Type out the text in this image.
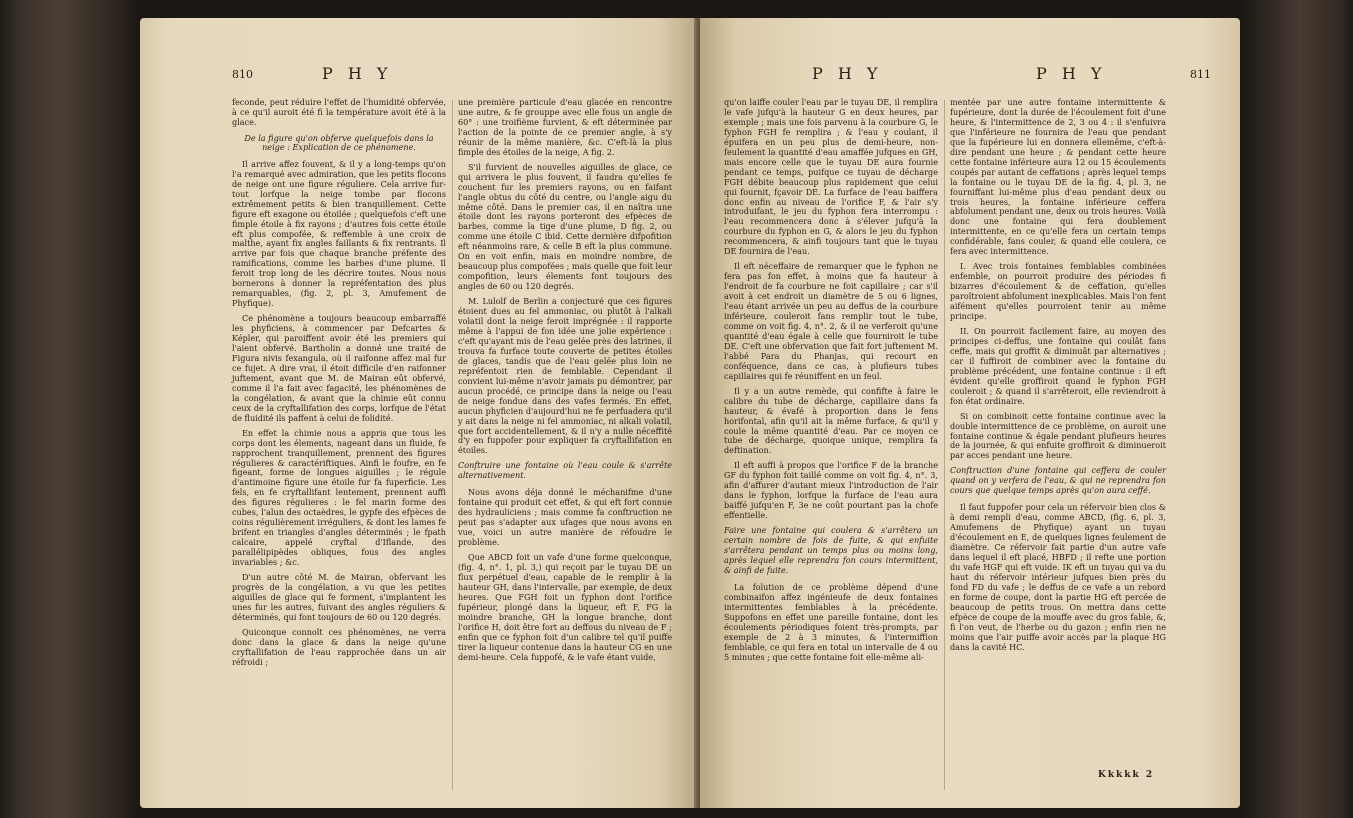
810	P H Y

feconde, peut réduire l'effet de l'humidité obfervée, à ce qu'il auroit été fi la température avoit été à la glace.

De la figure qu'on obferve quelquefois dans la neige : Explication de ce phénomene.

Il arrive affez fouvent, & il y a long-temps qu'on l'a remarqué avec admiration, que les petits flocons de neige ont une figure réguliere. Cela arrive fur-tout lorfque la neige tombe par flocons extrêmement petits & bien tranquillement. Cette figure eft exagone ou étoilée ; quelquefois c'eft une fimple étoile à fix rayons ; d'autres fois cette étoile eft plus compofée, & reffemble à une croix de malthe, ayant fix angles faillants & fix rentrants. Il arrive par fois que chaque branche préfente des ramifications, comme les barbes d'une plume. Il feroit trop long de les décrire toutes. Nous nous bornerons à donner la repréfentation des plus remarquables, (fig. 2, pl. 3, Amufement de Phyfique).

Ce phénomène a toujours beaucoup embarraffé les phyficiens, à commencer par Defcartes & Képler, qui paroiffent avoir été les premiers qui l'aient obfervé. Bartholin a donné une traité de Figura nivis fexangula, où il raifonne affez mal fur ce fujet. A dire vrai, il étoit difficile d'en raifonner juftement, avant que M. de Mairan eût obfervé, comme il l'a fait avec fagacité, les phénomènes de la congélation, & avant que la chimie eût connu ceux de la cryftallifation des corps, lorfque de l'état de fluidité ils paffent à celui de folidité.

En effet la chimie nous a appris que tous les corps dont les élements, nageant dans un fluide, fe rapprochent tranquillement, prennent des figures régulieres & caractériftiques. Ainfi le foufre, en fe figeant, forme de longues aiguilles ; le régule d'antimoine figure une étoile fur fa fuperficie. Les fels, en fe cryftallifant lentement, prennent auffi des figures régulieres : le fel marin forme des cubes, l'alun des octaèdres, le gypfe des efpèces de coins régulièrement irréguliers, & dont les lames fe brifent en triangles d'angles déterminés ; le fpath calcaire, appelé cryftal d'Iflande, des parallélipipèdes obliques, fous des angles invariables ; &c.

D'un autre côté M. de Mairan, obfervant les progrès de la congélation, a vu que les petites aiguilles de glace qui fe forment, s'implantent les unes fur les autres, fuivant des angles réguliers & déterminés, qui font toujours de 60 ou 120 degrés.

Quiconque connoît ces phénomènes, ne verra donc dans la glace & dans la neige qu'une cryftallifation de l'eau rapprochée dans un air réfroidi ;

une première particule d'eau glacée en rencontre une autre, & fe grouppe avec elle fous un angle de 60° : une troifième furvient, & eft déterminée par l'action de la pointe de ce premier angle, à s'y réunir de la même manière, &c. C'eft-là la plus fimple des étoiles de la neige, A fig. 2.

S'il furvient de nouvelles aiguilles de glace, ce qui arrivera le plus fouvent, il faudra qu'elles fe couchent fur les premiers rayons, ou en faifant l'angle obtus du côté du centre, ou l'angle aigu du même côté. Dans le premier cas, il en naîtra une étoile dont les rayons porteront des efpèces de barbes, comme la tige d'une plume, D fig. 2, ou comme une étoile C ibid. Cette dernière difpofition eft néanmoins rare, & celle B eft la plus commune. On en voit enfin, mais en moindre nombre, de beaucoup plus compofées ; mais quelle que foit leur compofition, leurs élements font toujours des angles de 60 ou 120 degrés.

M. Lulolf de Berlin a conjecturé que ces figures étoient dues au fel ammoniac, ou plutôt à l'alkali volatil dont la neige feroit imprégnée : il rapporte même à l'appui de fon idée une jolie expérience : c'eft qu'ayant mis de l'eau gelée près des latrines, il trouva fa furface toute couverte de petites étoiles de glaces, tandis que de l'eau gelée plus loin ne repréfentoit rien de femblable. Cependant il convient lui-même n'avoir jamais pu démontrer, par aucun procédé, ce principe dans la neige ou l'eau de neige fondue dans des vafes fermés. En effet, aucun phyficien d'aujourd'hui ne fe perfuadera qu'il y ait dans la neige ni fel ammoniac, ni alkali volatil, que fort accidentellement, & il n'y a nulle néceffité d'y en fuppofer pour expliquer fa cryftallifation en étoiles.

Conftruire une fontaine où l'eau coule & s'arrête alternativement.

Nous avons déja donné le méchanifme d'une fontaine qui produit cet effet, & qui eft fort connue des hydrauliciens ; mais comme fa conftruction ne peut pas s'adapter aux ufages que nous avons en vue, voici un autre manière de réfoudre le problème.

Que ABCD foit un vafe d'une forme quelconque, (fig. 4, n°. 1, pl. 3,) qui reçoit par le tuyau DE un flux perpétuel d'eau, capable de le remplir à la hauteur GH, dans l'intervalle, par exemple, de deux heures. Que FGH foit un fyphon dont l'orifice fupérieur, plongé dans la liqueur, eft F, FG la moindre branche, GH la longue branche, dont l'orifice H, doit être fort au deffous du niveau de F ; enfin que ce fyphon foit d'un calibre tel qu'il puiffe tirer la liqueur contenue dans la hauteur CG en une demi-heure. Cela fuppofé, & le vafe étant vuide,

P H Y	P H Y	811

qu'on laiffe couler l'eau par le tuyau DE, il remplira le vafe jufqu'à la hauteur G en deux heures, par exemple ; mais une fois parvenu à la courbure G, le fyphon FGH fe remplira ; & l'eau y coulant, il épuifera en un peu plus de demi-heure, non-feulement la quantité d'eau amaffée jufques en GH, mais encore celle que le tuyau DE aura fournie pendant ce temps, puifque ce tuyau de décharge FGH débite beaucoup plus rapidement que celui qui fournit, fçavoir DE. La furface de l'eau baiffera donc enfin au niveau de l'orifice F, & l'air s'y introduifant, le jeu du fyphon fera interrompu : l'eau recommencera donc à s'élever jufqu'à la courbure du fyphon en G, & alors le jeu du fyphon recommencera, & ainfi toujours tant que le tuyau DE fournira de l'eau.

Il eft néceffaire de remarquer que le fyphon ne fera pas fon effet, à moins que fa hauteur à l'endroit de fa courbure ne foit capillaire ; car s'il avoit à cet endroit un diamètre de 5 ou 6 lignes, l'eau étant arrivée un peu au deffus de la courbure inférieure, couleroit fans remplir tout le tube, comme on voit fig. 4, n°. 2, & il ne verferoit qu'une quantité d'eau égale à celle que fourniroit le tube DE. C'eft une obfervation que fait fort juftement M. l'abbé Para du Phanjas, qui recourt en conféquence, dans ce cas, à plufieurs tubes capillaires qui fe réuniffent en un feul.

Il y a un autre remède, qui confifte à faire le calibre du tube de décharge, capillaire dans fa hauteur, & évafé à proportion dans le fens horifontal, afin qu'il ait la même furface, & qu'il y coule la même quantité d'eau. Par ce moyen ce tube de décharge, quoique unique, remplira fa deftination.

Il eft auffi à propos que l'orifice F de la branche GF du fyphon foit taillé comme on voit fig. 4, n°. 3, afin d'affurer d'autant mieux l'introduction de l'air dans le fyphon, lorfque la furface de l'eau aura baiffé jufqu'en F, 3e ne coût pourtant pas la chofe effentielle.

Faire une fontaine qui coulera & s'arrêtera un certain nombre de fois de fuite, & qui enfuite s'arrêtera pendant un temps plus ou moins long, après lequel elle reprendra fon cours intermittent, & ainfi de fuite.

La folution de ce problème dépend d'une combinaifon affez ingénieufe de deux fontaines intermittentes femblables à la précédente. Suppofons en effet une pareille fontaine, dont les écoulements périodiques foient très-prompts, par exemple de 2 à 3 minutes, & l'intermiffion femblable, ce qui fera en total un intervalle de 4 ou 5 minutes ; que cette fontaine foit elle-même ali-

mentée par une autre fontaine intermittente & fupérieure, dont la durée de l'écoulement foit d'une heure, & l'intermittence de 2, 3 ou 4 : il s'enfuivra que l'inférieure ne fournira de l'eau que pendant que la fupérieure lui en donnera ellemême, c'eft-à-dire pendant une heure ; & pendant cette heure cette fontaine inférieure aura 12 ou 15 écoulements coupés par autant de ceffations ; après lequel temps la fontaine ou le tuyau DE de la fig. 4, pl. 3, ne fourniffant lui-même plus d'eau pendant deux ou trois heures, la fontaine inférieure ceffera abfolument pendant une, deux ou trois heures. Voilà donc une fontaine qui fera doublement intermittente, en ce qu'elle fera un certain temps confidérable, fans couler, & quand elle coulera, ce fera avec intermittence.

I. Avec trois fontaines femblables combinées enfemble, on pourroit produire des périodes fi bizarres d'écoulement & de ceffation, qu'elles paroîtroient abfolument inexplicables. Mais l'on fent aifément qu'elles pourroient tenir au même principe.

II. On pourroit facilement faire, au moyen des principes ci-deffus, une fontaine qui coulât fans ceffe, mais qui groffit & diminuât par alternatives ; car il fuffiroit de combiner avec la fontaine du problème précédent, une fontaine continue : il eft évident qu'elle groffiroit quand le fyphon FGH couleroit ; & quand il s'arrêteroit, elle reviendroit à fon état ordinaire.

Si on combinoit cette fontaine continue avec la double intermittence de ce problème, on auroit une fontaine continue & égale pendant plufieurs heures de la journée, & qui enfuite groffiroit & diminueroit par acces pendant une heure.

Conftruction d'une fontaine qui ceffera de couler quand on y verfera de l'eau, & qui ne reprendra fon cours que quelque temps après qu'on aura ceffé.

Il faut fuppofer pour cela un réfervoir bien clos & à demi rempli d'eau, comme ABCD, (fig. 6, pl. 3, Amufemens de Phyfique) ayant un tuyau d'écoulement en E, de quelques lignes feulement de diamètre. Ce réfervoir fait partie d'un autre vafe dans lequel il eft placé, HBFD ; il refte une portion du vafe HGF qui eft vuide. IK eft un tuyau qui va du haut du réfervoir intérieur jufques bien près du fond FD du vafe ; le deffus de ce vafe a un rebord en forme de coupe, dont la partie HG eft percée de beaucoup de petits trous. On mettra dans cette efpèce de coupe de la mouffe avec du gros fable, &, fi l'on veut, de l'herbe ou du gazon ; enfin rien ne moins que l'air puiffe avoir accès par la plaque HG dans la cavité HC.

Kkkkk 2
